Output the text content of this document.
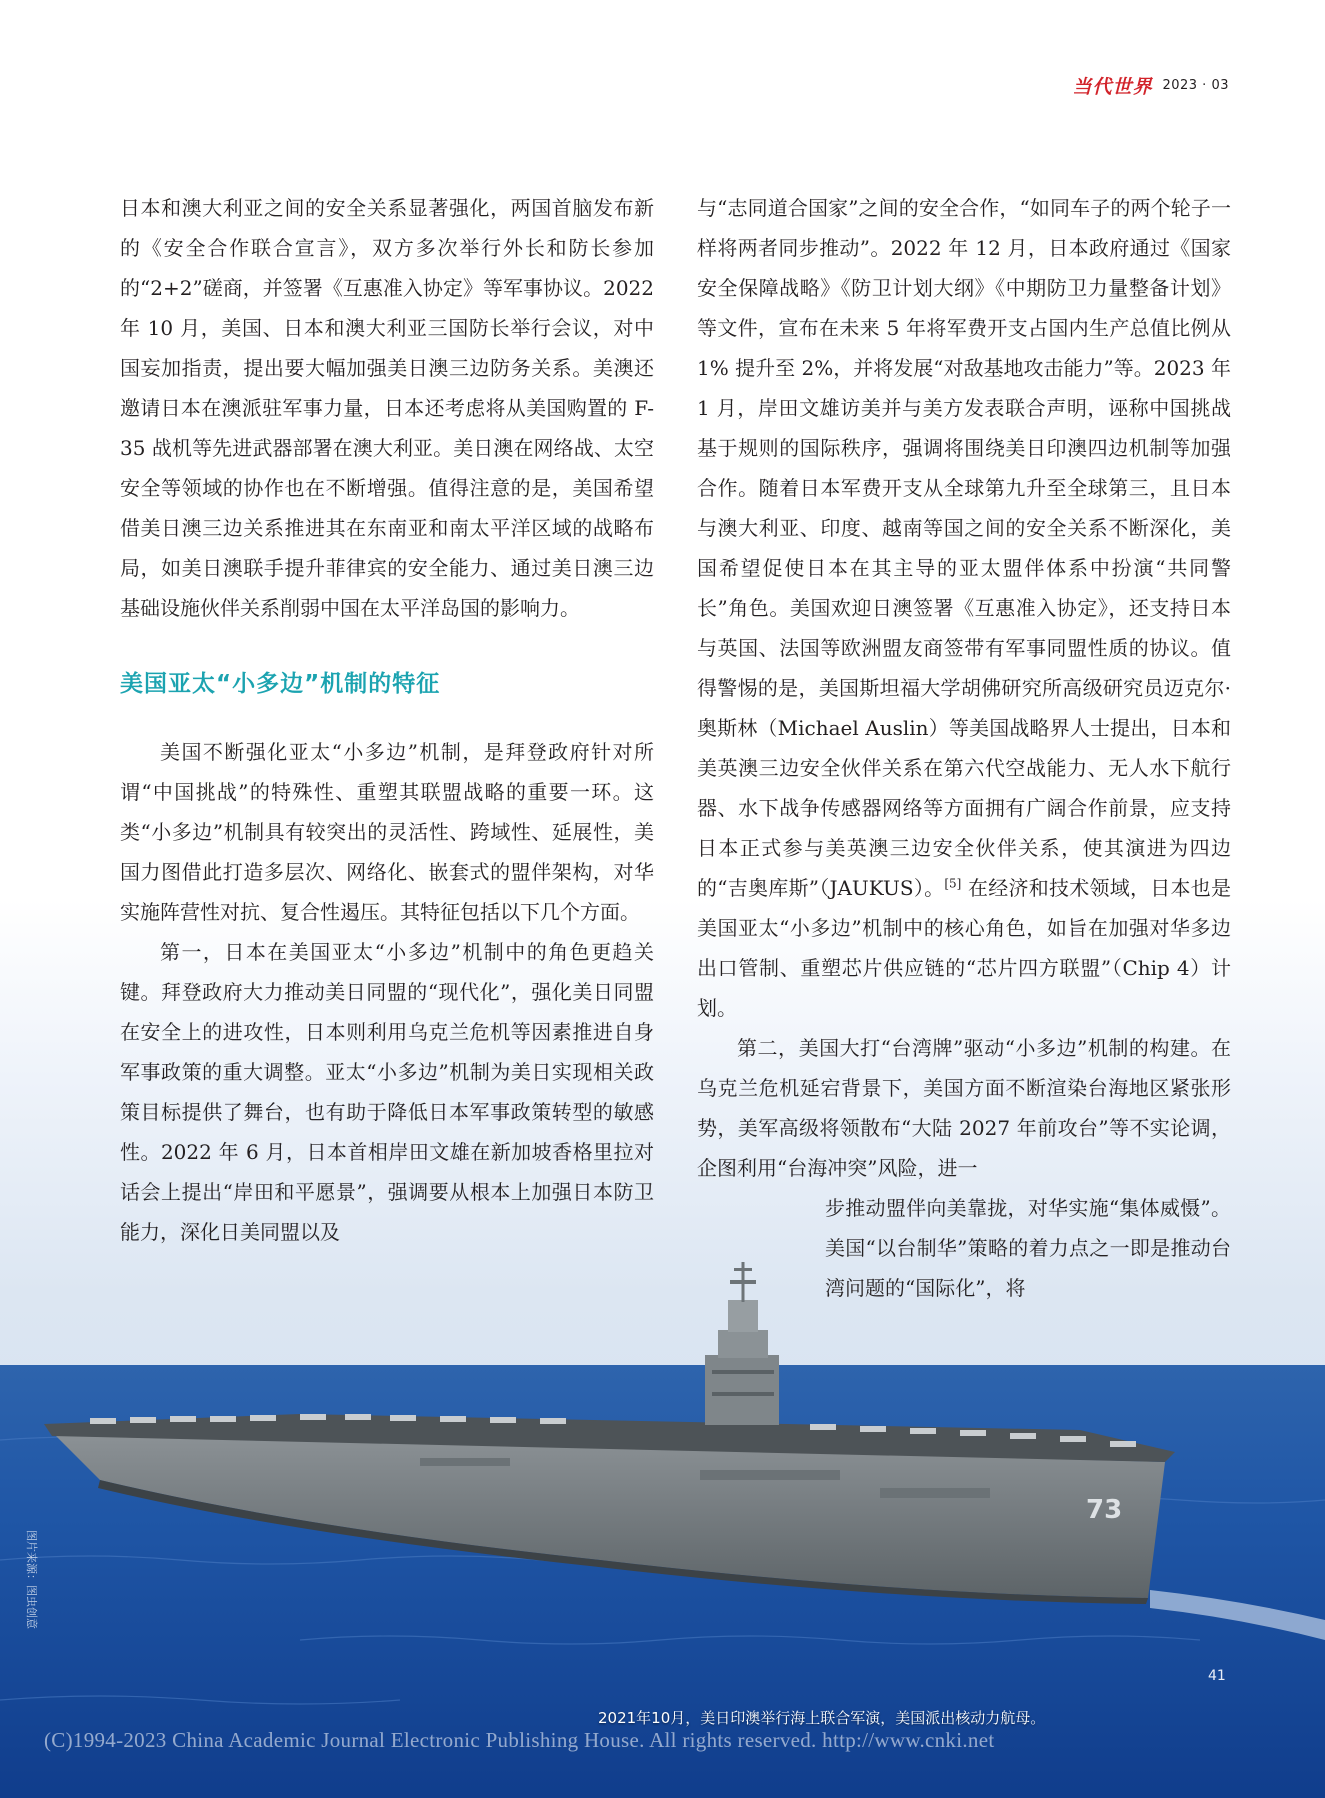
73
当代世界 2023 · 03

日本和澳大利亚之间的安全关系显著强化，两国首脑发布新的《安全合作联合宣言》，双方多次举行外长和防长参加的“2+2”磋商，并签署《互惠准入协定》等军事协议。2022 年 10 月，美国、日本和澳大利亚三国防长举行会议，对中国妄加指责，提出要大幅加强美日澳三边防务关系。美澳还邀请日本在澳派驻军事力量，日本还考虑将从美国购置的 F-35 战机等先进武器部署在澳大利亚。美日澳在网络战、太空安全等领域的协作也在不断增强。值得注意的是，美国希望借美日澳三边关系推进其在东南亚和南太平洋区域的战略布局，如美日澳联手提升菲律宾的安全能力、通过美日澳三边基础设施伙伴关系削弱中国在太平洋岛国的影响力。

美国亚太“小多边”机制的特征

美国不断强化亚太“小多边”机制，是拜登政府针对所谓“中国挑战”的特殊性、重塑其联盟战略的重要一环。这类“小多边”机制具有较突出的灵活性、跨域性、延展性，美国力图借此打造多层次、网络化、嵌套式的盟伴架构，对华实施阵营性对抗、复合性遏压。其特征包括以下几个方面。

第一，日本在美国亚太“小多边”机制中的角色更趋关键。拜登政府大力推动美日同盟的“现代化”，强化美日同盟在安全上的进攻性，日本则利用乌克兰危机等因素推进自身军事政策的重大调整。亚太“小多边”机制为美日实现相关政策目标提供了舞台，也有助于降低日本军事政策转型的敏感性。2022 年 6 月，日本首相岸田文雄在新加坡香格里拉对话会上提出“岸田和平愿景”，强调要从根本上加强日本防卫能力，深化日美同盟以及

与“志同道合国家”之间的安全合作，“如同车子的两个轮子一样将两者同步推动”。2022 年 12 月，日本政府通过《国家安全保障战略》《防卫计划大纲》《中期防卫力量整备计划》等文件，宣布在未来 5 年将军费开支占国内生产总值比例从 1% 提升至 2%，并将发展“对敌基地攻击能力”等。2023 年 1 月，岸田文雄访美并与美方发表联合声明，诬称中国挑战基于规则的国际秩序，强调将围绕美日印澳四边机制等加强合作。随着日本军费开支从全球第九升至全球第三，且日本与澳大利亚、印度、越南等国之间的安全关系不断深化，美国希望促使日本在其主导的亚太盟伴体系中扮演“共同警长”角色。美国欢迎日澳签署《互惠准入协定》，还支持日本与英国、法国等欧洲盟友商签带有军事同盟性质的协议。值得警惕的是，美国斯坦福大学胡佛研究所高级研究员迈克尔·奥斯林（Michael Auslin）等美国战略界人士提出，日本和美英澳三边安全伙伴关系在第六代空战能力、无人水下航行器、水下战争传感器网络等方面拥有广阔合作前景，应支持日本正式参与美英澳三边安全伙伴关系，使其演进为四边的“吉奥库斯”（JAUKUS）。[5] 在经济和技术领域，日本也是美国亚太“小多边”机制中的核心角色，如旨在加强对华多边出口管制、重塑芯片供应链的“芯片四方联盟”（Chip 4）计划。

第二，美国大打“台湾牌”驱动“小多边”机制的构建。在乌克兰危机延宕背景下，美国方面不断渲染台海地区紧张形势，美军高级将领散布“大陆 2027 年前攻台”等不实论调，企图利用“台海冲突”风险，进一

步推动盟伴向美靠拢，对华实施“集体威慑”。美国“以台制华”策略的着力点之一即是推动台湾问题的“国际化”，将

图片来源：图虫创意
41
2021年10月，美日印澳举行海上联合军演，美国派出核动力航母。
(C)1994-2023 China Academic Journal Electronic Publishing House. All rights reserved. http://www.cnki.net
